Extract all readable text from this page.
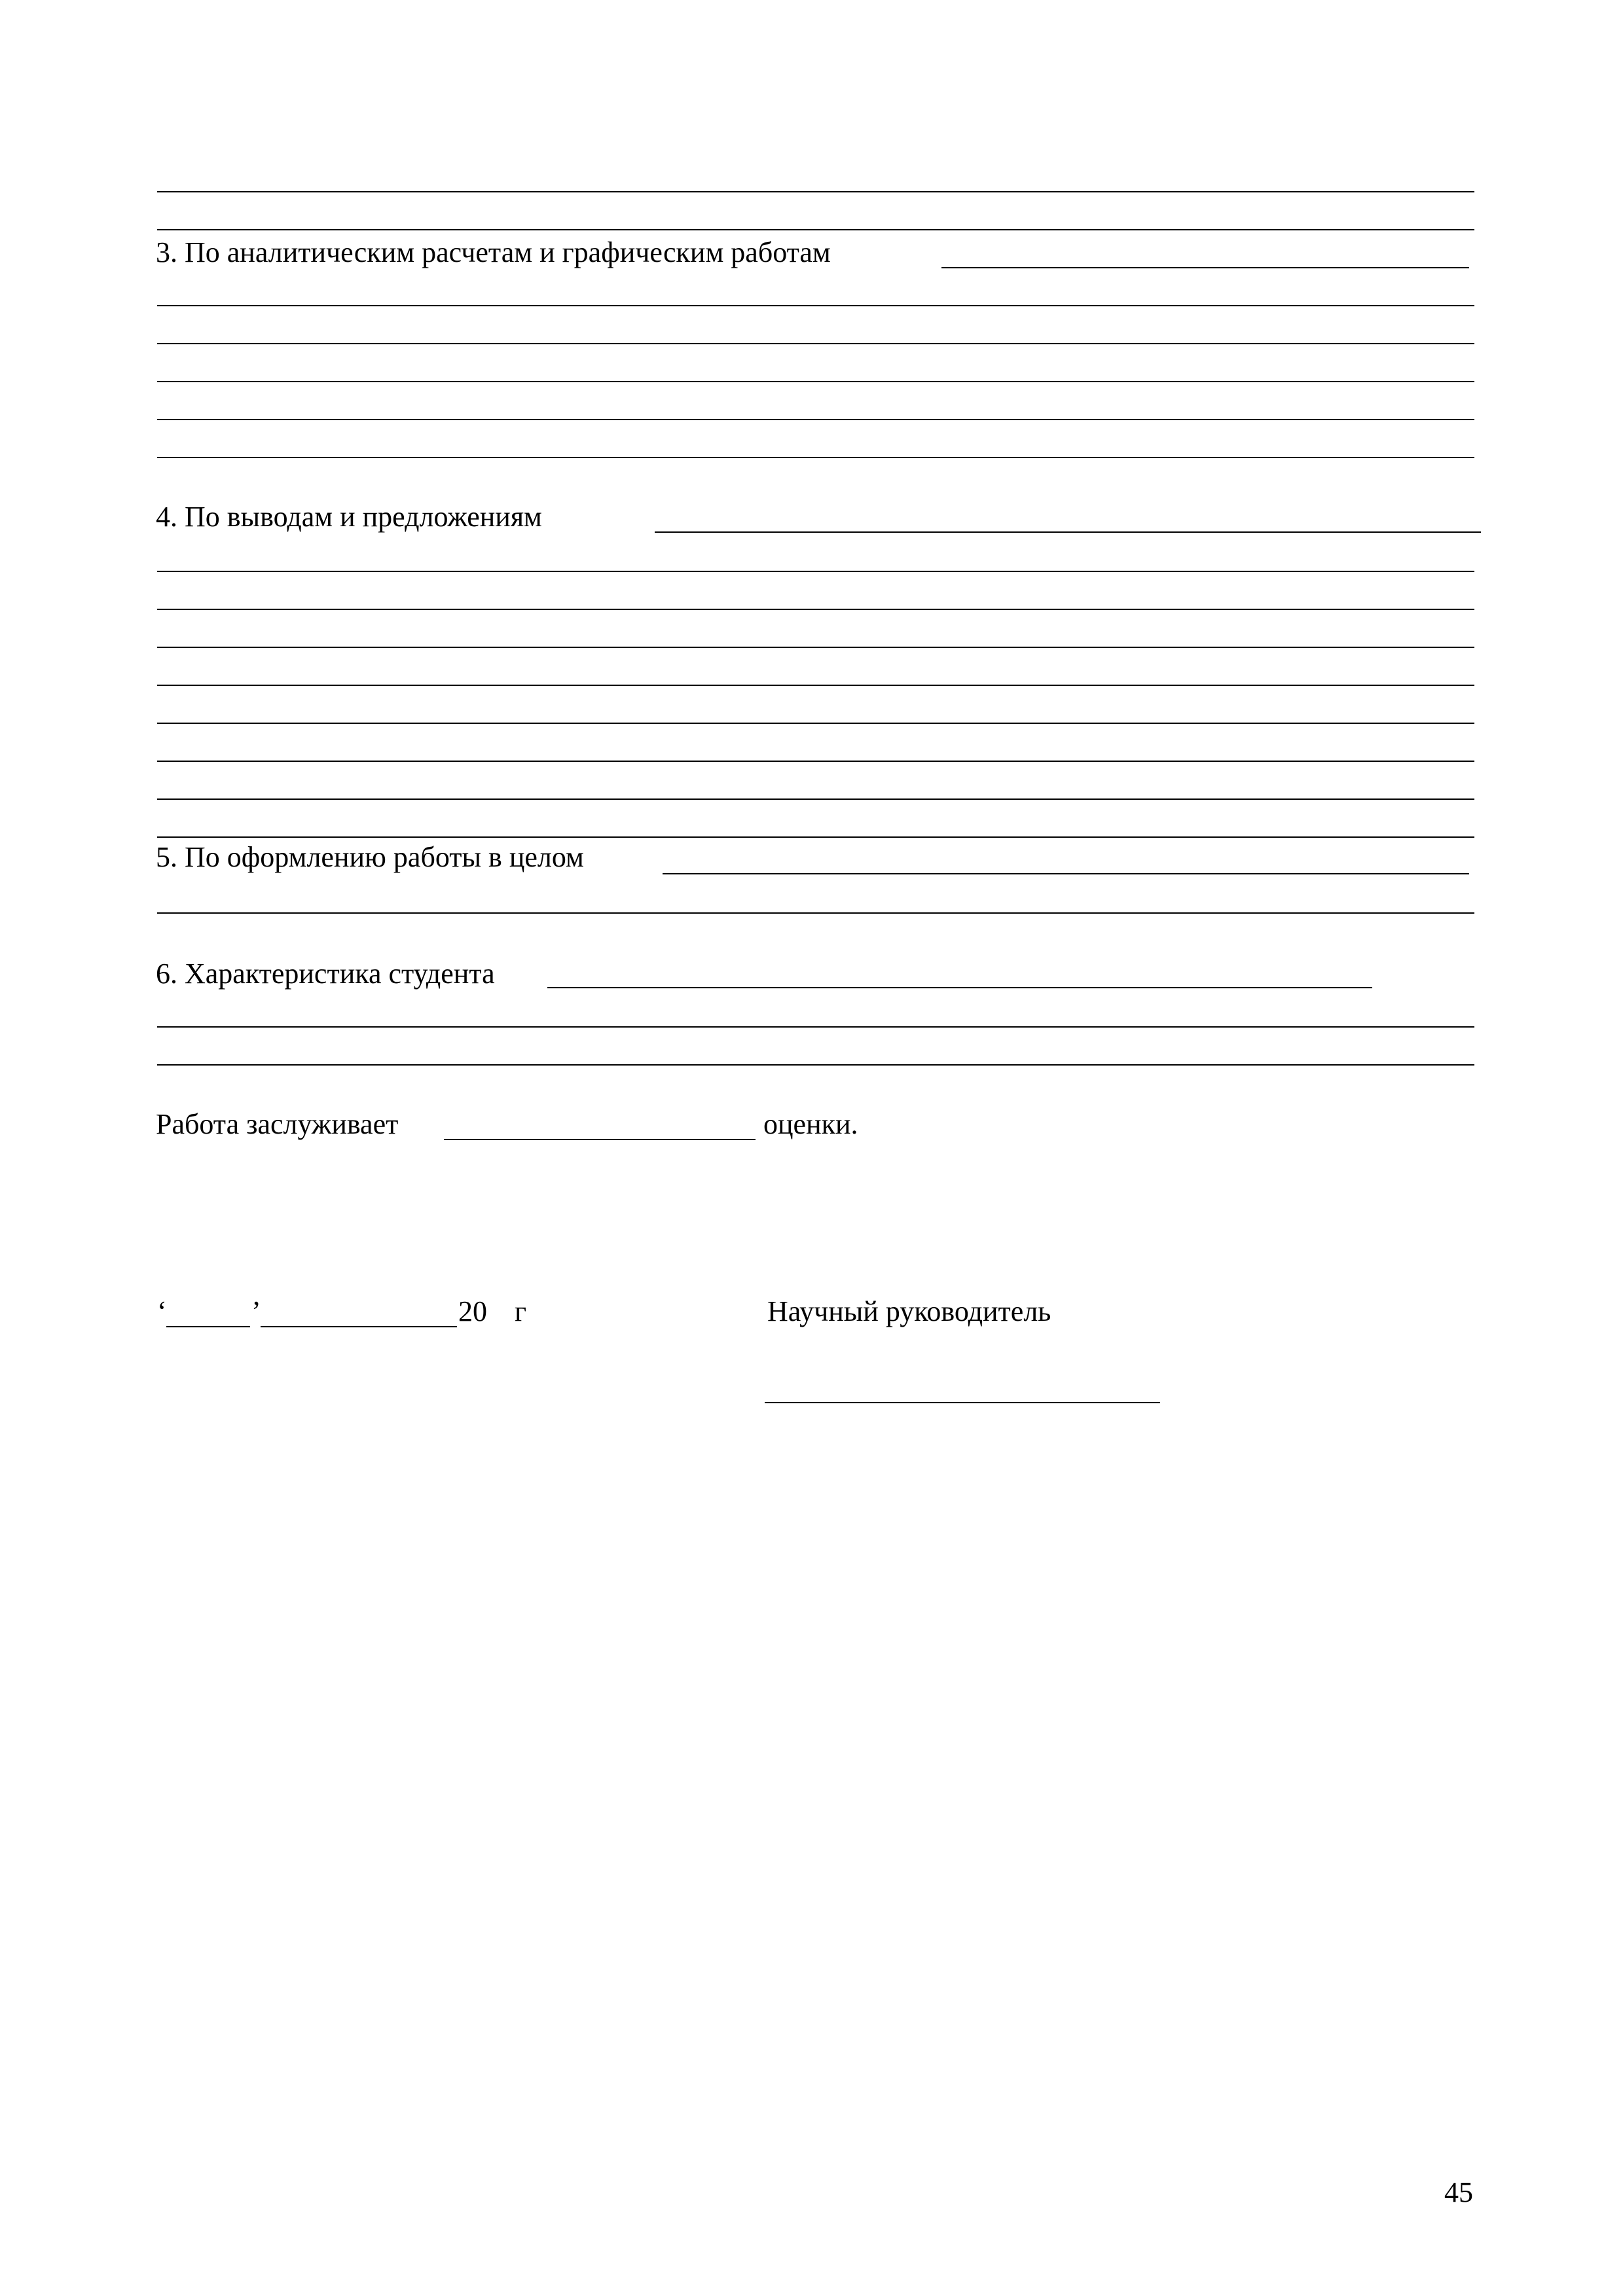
3. По аналитическим расчетам и графическим работам
4. По выводам и предложениям
5. По оформлению работы в целом
6. Характеристика студента
Работа заслуживает	оценки.
‘	’	20 г	Научный руководитель
45
